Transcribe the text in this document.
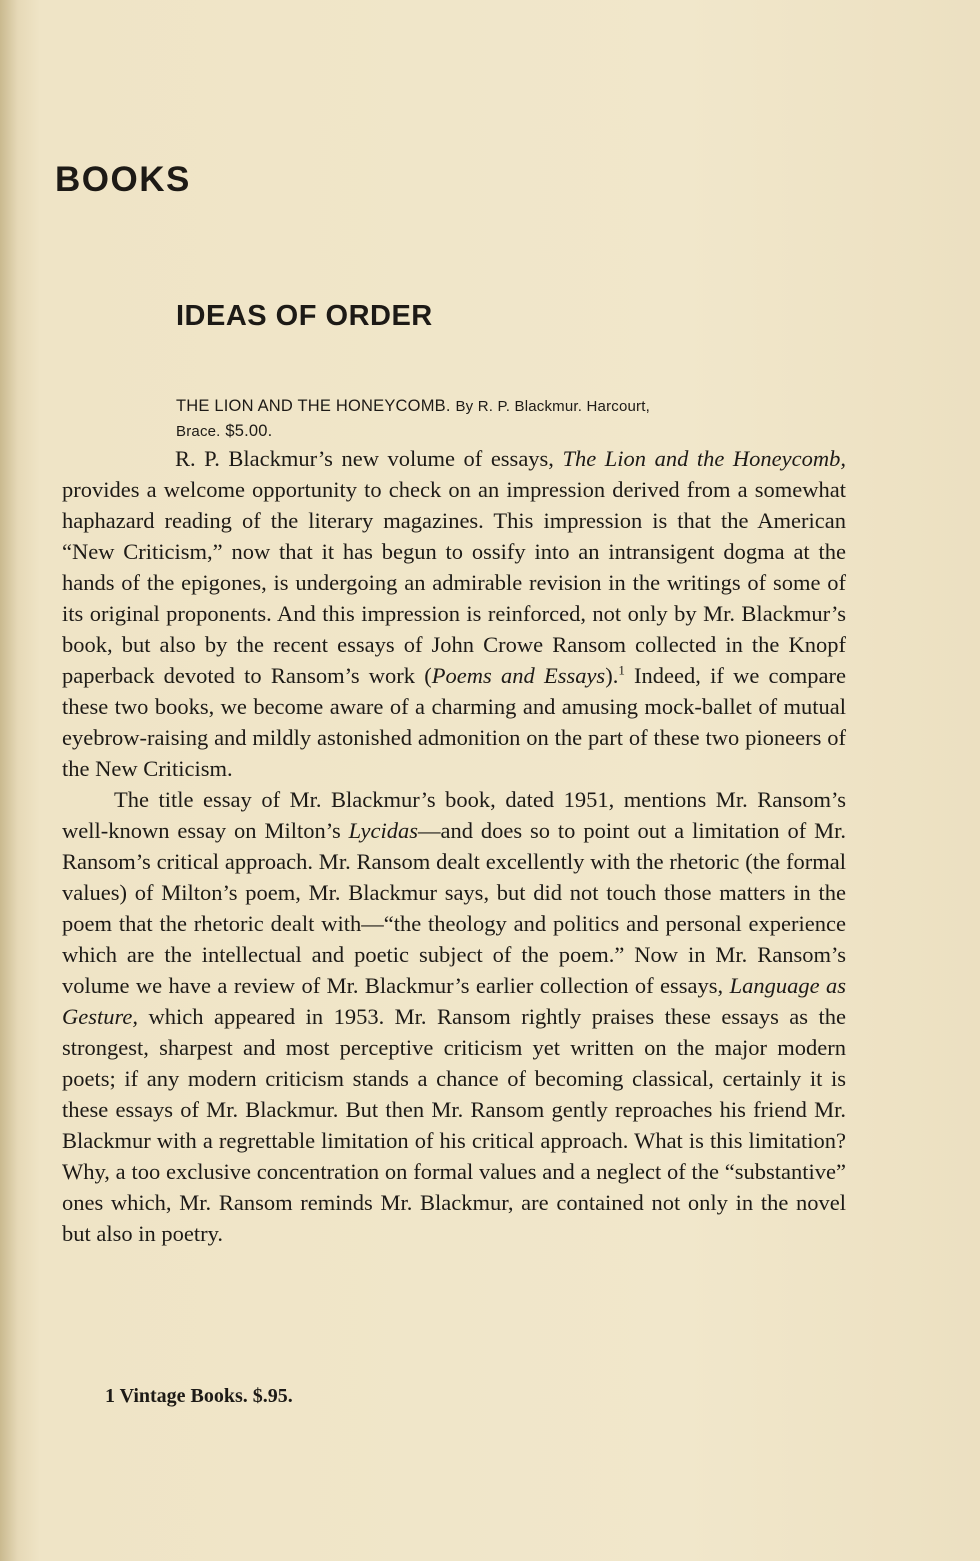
BOOKS
IDEAS OF ORDER
THE LION AND THE HONEYCOMB. By R. P. Blackmur. Harcourt,
Brace. $5.00.

R. P. Blackmur’s new volume of essays, The Lion and the Honeycomb, provides a welcome opportunity to check on an impression derived from a somewhat haphazard reading of the literary magazines. This impression is that the American “New Criticism,” now that it has begun to ossify into an intransigent dogma at the hands of the epigones, is undergoing an admirable revision in the writings of some of its original proponents. And this impression is reinforced, not only by Mr. Blackmur’s book, but also by the recent essays of John Crowe Ransom collected in the Knopf paperback devoted to Ransom’s work (Poems and Essays).$^1$ Indeed, if we compare these two books, we become aware of a charming and amusing mock-ballet of mutual eyebrow-raising and mildly astonished admonition on the part of these two pioneers of the New Criticism.

The title essay of Mr. Blackmur’s book, dated 1951, mentions Mr. Ransom’s well-known essay on Milton’s Lycidas—and does so to point out a limitation of Mr. Ransom’s critical approach. Mr. Ransom dealt excellently with the rhetoric (the formal values) of Milton’s poem, Mr. Blackmur says, but did not touch those matters in the poem that the rhetoric dealt with—“the theology and politics and personal experience which are the intellectual and poetic subject of the poem.” Now in Mr. Ransom’s volume we have a review of Mr. Blackmur’s earlier collection of essays, Language as Gesture, which appeared in 1953. Mr. Ransom rightly praises these essays as the strongest, sharpest and most perceptive criticism yet written on the major modern poets; if any modern criticism stands a chance of becoming classical, certainly it is these essays of Mr. Blackmur. But then Mr. Ransom gently reproaches his friend Mr. Blackmur with a regrettable limitation of his critical approach. What is this limitation? Why, a too exclusive concentration on formal values and a neglect of the “substantive” ones which, Mr. Ransom reminds Mr. Blackmur, are contained not only in the novel but also in poetry.

1 Vintage Books. $.95.
